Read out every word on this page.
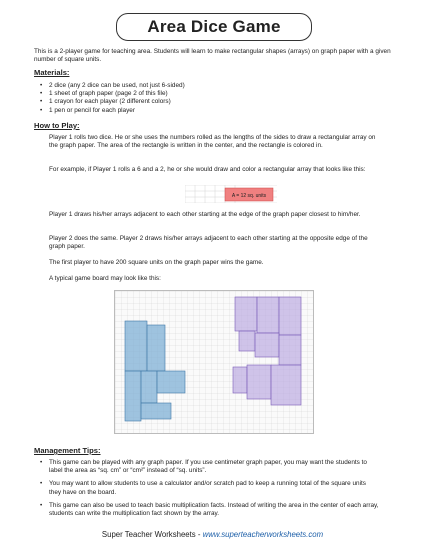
Area Dice Game
This is a 2-player game for teaching area. Students will learn to make rectangular shapes (arrays) on graph paper with a given number of square units.
Materials:
• 2 dice (any 2 dice can be used, not just 6-sided)
• 1 sheet of graph paper (page 2 of this file)
• 1 crayon for each player (2 different colors)
• 1 pen or pencil for each player
How to Play:
Player 1 rolls two dice. He or she uses the numbers rolled as the lengths of the sides to draw a rectangular array on the graph paper. The area of the rectangle is written in the center, and the rectangle is colored in.
For example, if Player 1 rolls a 6 and a 2, he or she would draw and color a rectangular array that looks like this:
A = 12 sq. units
Player 1 draws his/her arrays adjacent to each other starting at the edge of the graph paper closest to him/her.
Player 2 does the same. Player 2 draws his/her arrays adjacent to each other starting at the opposite edge of the graph paper.
The first player to have 200 square units on the graph paper wins the game.
A typical game board may look like this:
Management Tips:
• This game can be played with any graph paper. If you use centimeter graph paper, you may want the students to label the area as “sq. cm” or “cm²” instead of “sq. units”.
• You may want to allow students to use a calculator and/or scratch pad to keep a running total of the square units they have on the board.
• This game can also be used to teach basic multiplication facts. Instead of writing the area in the center of each array, students can write the multiplication fact shown by the array.
Super Teacher Worksheets - www.superteacherworksheets.com
